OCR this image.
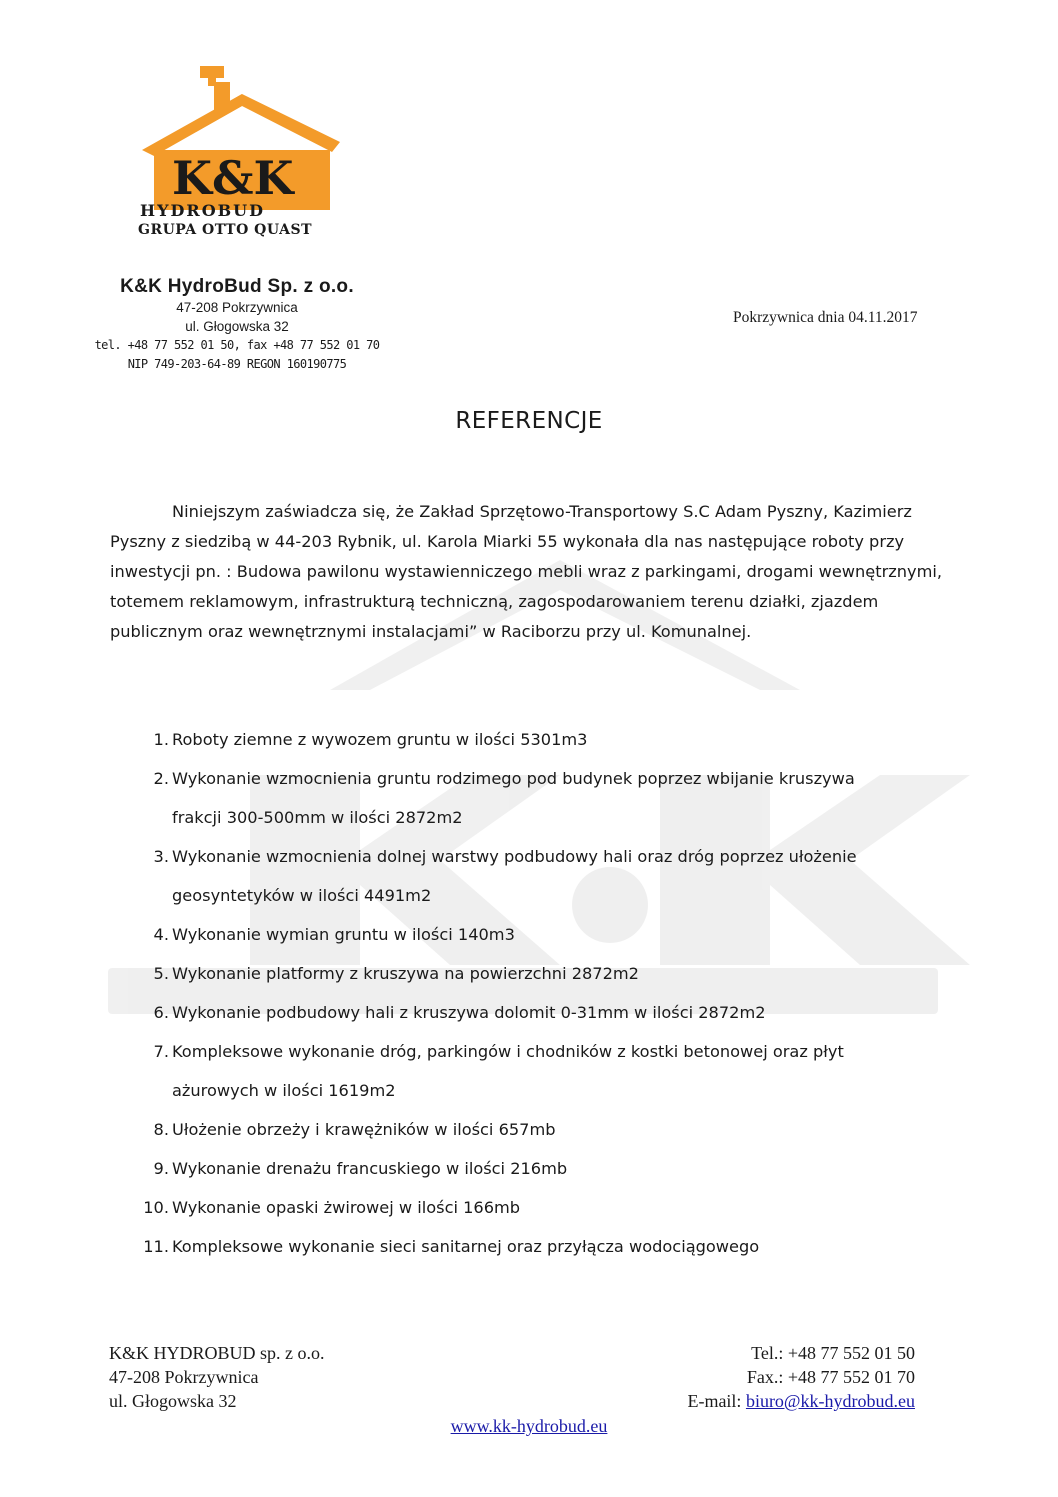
K&K
HYDROBUD
GRUPA OTTO QUAST
K&K HydroBud Sp. z o.o.
47-208 Pokrzywnica
ul. Głogowska 32
tel. +48 77 552 01 50, fax +48 77 552 01 70
NIP 749-203-64-89 REGON 160190775
Pokrzywnica dnia 04.11.2017
REFERENCJE

Niniejszym zaświadcza się, że Zakład Sprzętowo-Transportowy S.C Adam Pyszny, Kazimierz Pyszny z siedzibą w 44-203 Rybnik, ul. Karola Miarki 55 wykonała dla nas następujące roboty przy inwestycji pn. : Budowa pawilonu wystawienniczego mebli wraz z parkingami, drogami wewnętrznymi, totemem reklamowym, infrastrukturą techniczną, zagospodarowaniem terenu działki, zjazdem publicznym oraz wewnętrznymi instalacjami” w Raciborzu przy ul. Komunalnej.

1. Roboty ziemne z wywozem gruntu w ilości 5301m3
2. Wykonanie wzmocnienia gruntu rodzimego pod budynek poprzez wbijanie kruszywa
frakcji 300-500mm w ilości 2872m2
3. Wykonanie wzmocnienia dolnej warstwy podbudowy hali oraz dróg poprzez ułożenie
geosyntetyków w ilości 4491m2
4. Wykonanie wymian gruntu w ilości 140m3
5. Wykonanie platformy z kruszywa na powierzchni 2872m2
6. Wykonanie podbudowy hali z kruszywa dolomit 0-31mm w ilości 2872m2
7. Kompleksowe wykonanie dróg, parkingów i chodników z kostki betonowej oraz płyt
ażurowych w ilości 1619m2
8. Ułożenie obrzeży i krawężników w ilości 657mb
9. Wykonanie drenażu francuskiego w ilości 216mb
10. Wykonanie opaski żwirowej w ilości 166mb
11. Kompleksowe wykonanie sieci sanitarnej oraz przyłącza wodociągowego
K&K HYDROBUD sp. z o.o.
47-208 Pokrzywnica
ul. Głogowska 32
Tel.: +48 77 552 01 50
Fax.: +48 77 552 01 70
E-mail: biuro@kk-hydrobud.eu
www.kk-hydrobud.eu
